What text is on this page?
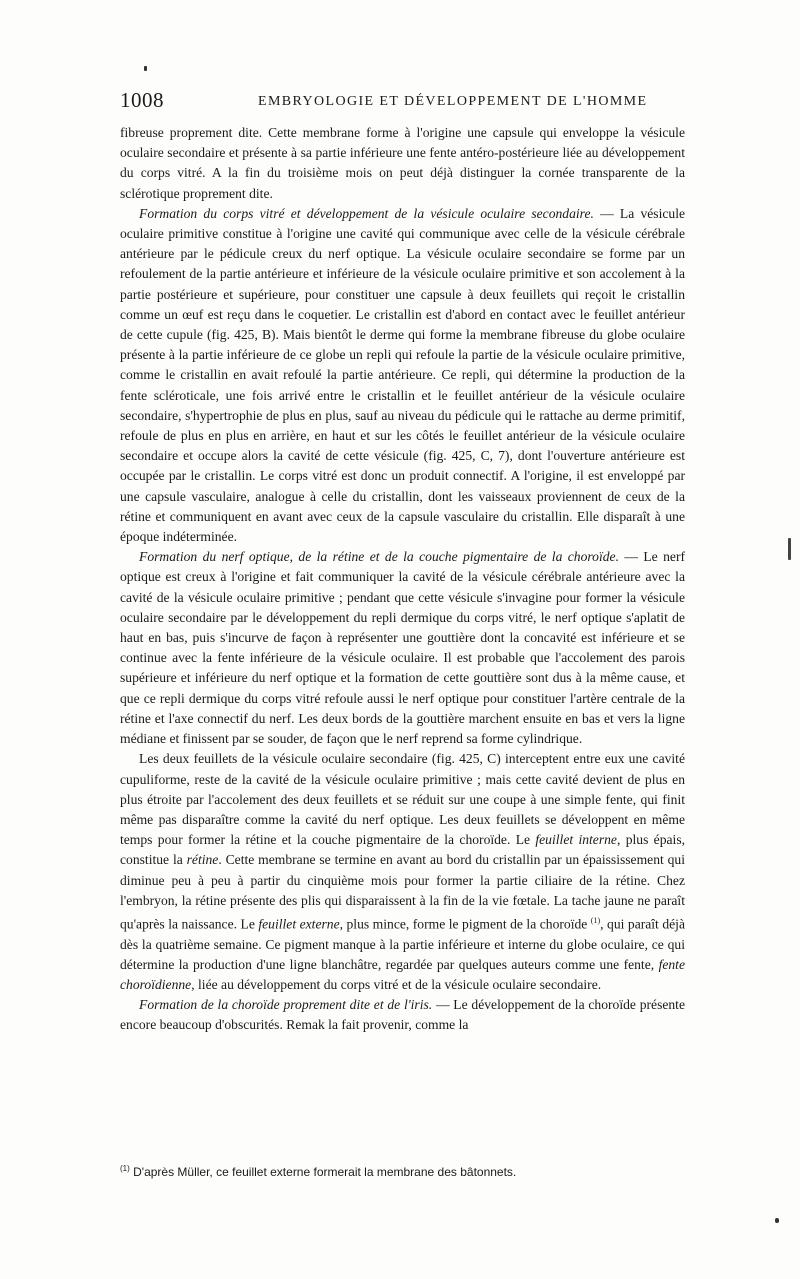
1008	EMBRYOLOGIE ET DÉVELOPPEMENT DE L'HOMME

fibreuse proprement dite. Cette membrane forme à l'origine une capsule qui enveloppe la vésicule oculaire secondaire et présente à sa partie inférieure une fente antéro-postérieure liée au développement du corps vitré. A la fin du troisième mois on peut déjà distinguer la cornée transparente de la sclérotique proprement dite.

Formation du corps vitré et développement de la vésicule oculaire secondaire. — La vésicule oculaire primitive constitue à l'origine une cavité qui communique avec celle de la vésicule cérébrale antérieure par le pédicule creux du nerf optique. La vésicule oculaire secondaire se forme par un refoulement de la partie antérieure et inférieure de la vésicule oculaire primitive et son accolement à la partie postérieure et supérieure, pour constituer une capsule à deux feuillets qui reçoit le cristallin comme un œuf est reçu dans le coquetier. Le cristallin est d'abord en contact avec le feuillet antérieur de cette cupule (fig. 425, B). Mais bientôt le derme qui forme la membrane fibreuse du globe oculaire présente à la partie inférieure de ce globe un repli qui refoule la partie de la vésicule oculaire primitive, comme le cristallin en avait refoulé la partie antérieure. Ce repli, qui détermine la production de la fente scléroticale, une fois arrivé entre le cristallin et le feuillet antérieur de la vésicule oculaire secondaire, s'hypertrophie de plus en plus, sauf au niveau du pédicule qui le rattache au derme primitif, refoule de plus en plus en arrière, en haut et sur les côtés le feuillet antérieur de la vésicule oculaire secondaire et occupe alors la cavité de cette vésicule (fig. 425, C, 7), dont l'ouverture antérieure est occupée par le cristallin. Le corps vitré est donc un produit connectif. A l'origine, il est enveloppé par une capsule vasculaire, analogue à celle du cristallin, dont les vaisseaux proviennent de ceux de la rétine et communiquent en avant avec ceux de la capsule vasculaire du cristallin. Elle disparaît à une époque indéterminée.

Formation du nerf optique, de la rétine et de la couche pigmentaire de la choroïde. — Le nerf optique est creux à l'origine et fait communiquer la cavité de la vésicule cérébrale antérieure avec la cavité de la vésicule oculaire primitive ; pendant que cette vésicule s'invagine pour former la vésicule oculaire secondaire par le développement du repli dermique du corps vitré, le nerf optique s'aplatit de haut en bas, puis s'incurve de façon à représenter une gouttière dont la concavité est inférieure et se continue avec la fente inférieure de la vésicule oculaire. Il est probable que l'accolement des parois supérieure et inférieure du nerf optique et la formation de cette gouttière sont dus à la même cause, et que ce repli dermique du corps vitré refoule aussi le nerf optique pour constituer l'artère centrale de la rétine et l'axe connectif du nerf. Les deux bords de la gouttière marchent ensuite en bas et vers la ligne médiane et finissent par se souder, de façon que le nerf reprend sa forme cylindrique.

Les deux feuillets de la vésicule oculaire secondaire (fig. 425, C) interceptent entre eux une cavité cupuliforme, reste de la cavité de la vésicule oculaire primitive ; mais cette cavité devient de plus en plus étroite par l'accolement des deux feuillets et se réduit sur une coupe à une simple fente, qui finit même pas disparaître comme la cavité du nerf optique. Les deux feuillets se développent en même temps pour former la rétine et la couche pigmentaire de la choroïde. Le feuillet interne, plus épais, constitue la rétine. Cette membrane se termine en avant au bord du cristallin par un épaississement qui diminue peu à peu à partir du cinquième mois pour former la partie ciliaire de la rétine. Chez l'embryon, la rétine présente des plis qui disparaissent à la fin de la vie fœtale. La tache jaune ne paraît qu'après la naissance. Le feuillet externe, plus mince, forme le pigment de la choroïde $^{(1)}$, qui paraît déjà dès la quatrième semaine. Ce pigment manque à la partie inférieure et interne du globe oculaire, ce qui détermine la production d'une ligne blanchâtre, regardée par quelques auteurs comme une fente, fente choroïdienne, liée au développement du corps vitré et de la vésicule oculaire secondaire.

Formation de la choroïde proprement dite et de l'iris. — Le développement de la choroïde présente encore beaucoup d'obscurités. Remak la fait provenir, comme la

$^{(1)}$ D'après Müller, ce feuillet externe formerait la membrane des bâtonnets.
